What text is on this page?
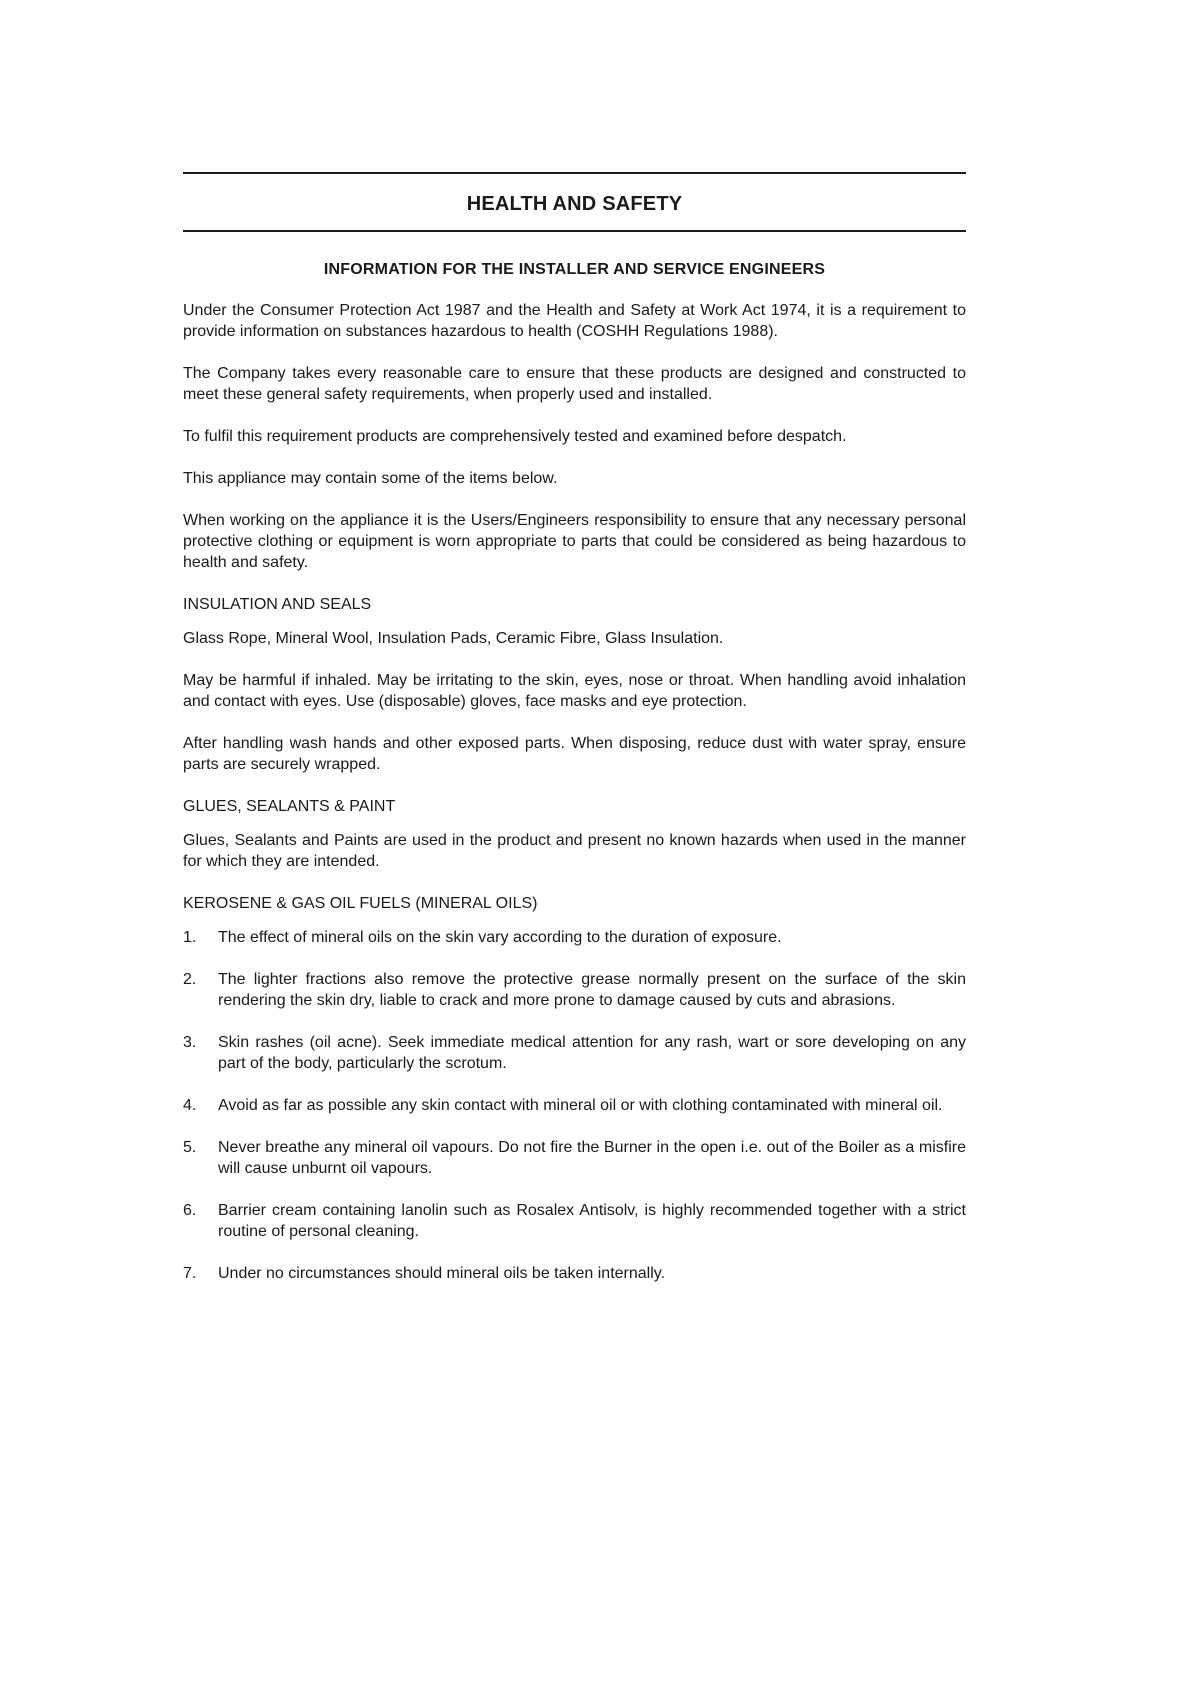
HEALTH AND SAFETY
INFORMATION FOR THE INSTALLER AND SERVICE ENGINEERS

Under the Consumer Protection Act 1987 and the Health and Safety at Work Act 1974, it is a requirement to provide information on substances hazardous to health (COSHH Regulations 1988).

The Company takes every reasonable care to ensure that these products are designed and constructed to meet these general safety requirements, when properly used and installed.

To fulfil this requirement products are comprehensively tested and examined before despatch.

This appliance may contain some of the items below.

When working on the appliance it is the Users/Engineers responsibility to ensure that any necessary personal protective clothing or equipment is worn appropriate to parts that could be considered as being hazardous to health and safety.

INSULATION AND SEALS

Glass Rope, Mineral Wool, Insulation Pads, Ceramic Fibre, Glass Insulation.

May be harmful if inhaled. May be irritating to the skin, eyes, nose or throat. When handling avoid inhalation and contact with eyes. Use (disposable) gloves, face masks and eye protection.

After handling wash hands and other exposed parts. When disposing, reduce dust with water spray, ensure parts are securely wrapped.

GLUES, SEALANTS & PAINT

Glues, Sealants and Paints are used in the product and present no known hazards when used in the manner for which they are intended.

KEROSENE & GAS OIL FUELS (MINERAL OILS)
1.	The effect of mineral oils on the skin vary according to the duration of exposure.
2.	The lighter fractions also remove the protective grease normally present on the surface of the skin rendering the skin dry, liable to crack and more prone to damage caused by cuts and abrasions.
3.	Skin rashes (oil acne). Seek immediate medical attention for any rash, wart or sore developing on any part of the body, particularly the scrotum.
4.	Avoid as far as possible any skin contact with mineral oil or with clothing contaminated with mineral oil.
5.	Never breathe any mineral oil vapours. Do not fire the Burner in the open i.e. out of the Boiler as a misfire will cause unburnt oil vapours.
6.	Barrier cream containing lanolin such as Rosalex Antisolv, is highly recommended together with a strict routine of personal cleaning.
7.	Under no circumstances should mineral oils be taken internally.
